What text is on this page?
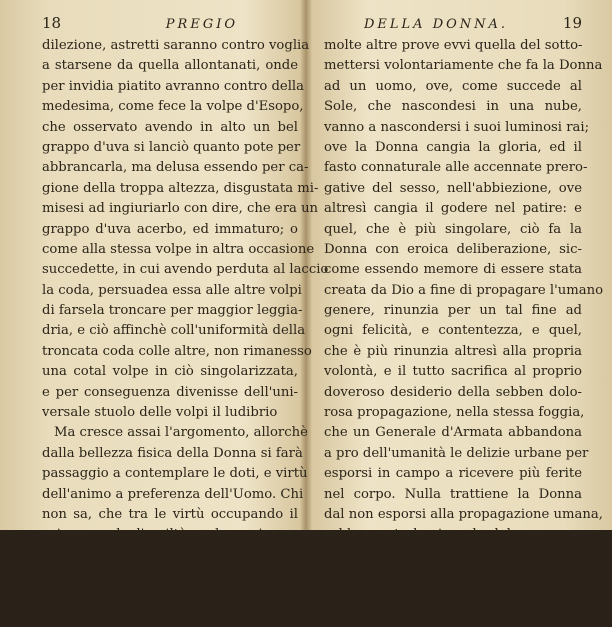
18	PREGIO
dilezione, astretti saranno contro voglia
a starsene da quella allontanati, onde
per invidia piatito avranno contro della
medesima, come fece la volpe d'Esopo,
che osservato avendo in alto un bel
grappo d'uva si lanciò quanto pote per
abbrancarla, ma delusa essendo per ca-
gione della troppa altezza, disgustata mi-
misesi ad ingiuriarlo con dire, che era un
grappo d'uva acerbo, ed immaturo; o
come alla stessa volpe in altra occasione
succedette, in cui avendo perduta al laccio
la coda, persuadea essa alle altre volpi
di farsela troncare per maggior leggia-
dria, e ciò affinchè coll'uniformità della
troncata coda colle altre, non rimanesso
una cotal volpe in ciò singolarizzata,
e per conseguenza divenisse dell'uni-
versale stuolo delle volpi il ludibrio
Ma cresce assai l'argomento, allorchè
dalla bellezza fisica della Donna si farà
passaggio a contemplare le doti, e virtù
dell'animo a preferenza dell'Uomo. Chi
non sa, che tra le virtù occupando il
primo grado l'umiltà, e la pazienza,
queste tra le altre virtù, che accompa-
gnano il sesso donnesco, lampeggiano
singolarmente in esso? Su di che tra le
molte
DELLA DONNA.	19
molte altre prove evvi quella del sotto-
mettersi volontariamente che fa la Donna
ad un uomo, ove, come succede al
Sole, che nascondesi in una nube,
vanno a nascondersi i suoi luminosi rai;
ove la Donna cangia la gloria, ed il
fasto connaturale alle accennate prero-
gative del sesso, nell'abbiezione, ove
altresì cangia il godere nel patire: e
quel, che è più singolare, ciò fa la
Donna con eroica deliberazione, sic-
come essendo memore di essere stata
creata da Dio a fine di propagare l'umano
genere, rinunzia per un tal fine ad
ogni felicità, e contentezza, e quel,
che è più rinunzia altresì alla propria
volontà, e il tutto sacrifica al proprio
doveroso desiderio della sebben dolo-
rosa propagazione, nella stessa foggia,
che un Generale d'Armata abbandona
a pro dell'umanità le delizie urbane per
esporsi in campo a ricevere più ferite
nel corpo. Nulla trattiene la Donna
dal non esporsi alla propagazione umana,
sebban note le siano le dolorose con-
seguenze del maritale stato, ove a quella
si eclissa la beltà, e cangiasi ad essa la
prerogativa d'imperare nella soggezione
d'ub-
